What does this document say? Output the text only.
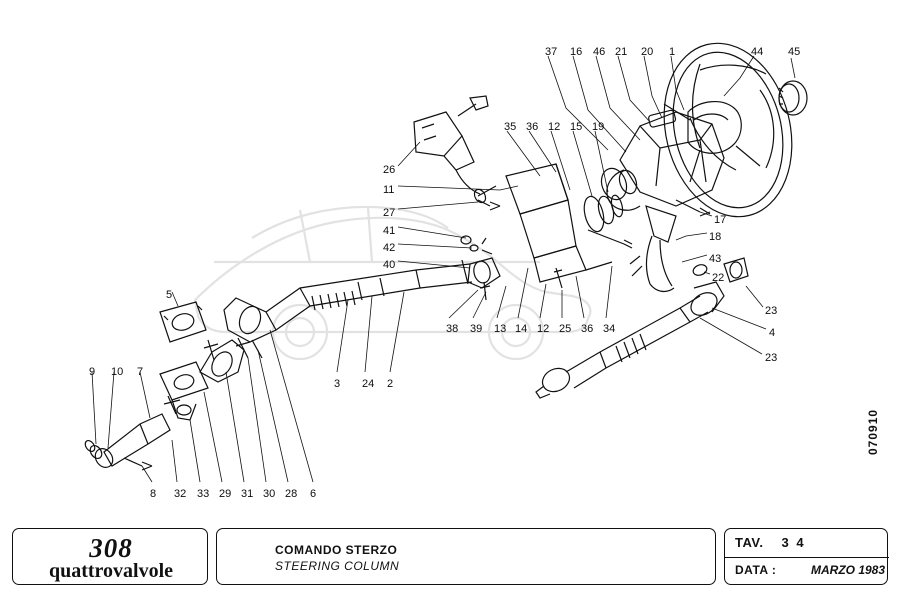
37 16 46 21 20 1	44 45
35 36 12 15 19
26
11
27
41
42
40
17
18
43
22
23
4
23
5
38 39 13 14 12 25 36 34
3 24 2
9 10 7
8 32 33 29 31 30 28 6
070910
308
quattrovalvole
COMANDO STERZO
STEERING COLUMN
TAV. 3 4
DATA :	MARZO 1983
